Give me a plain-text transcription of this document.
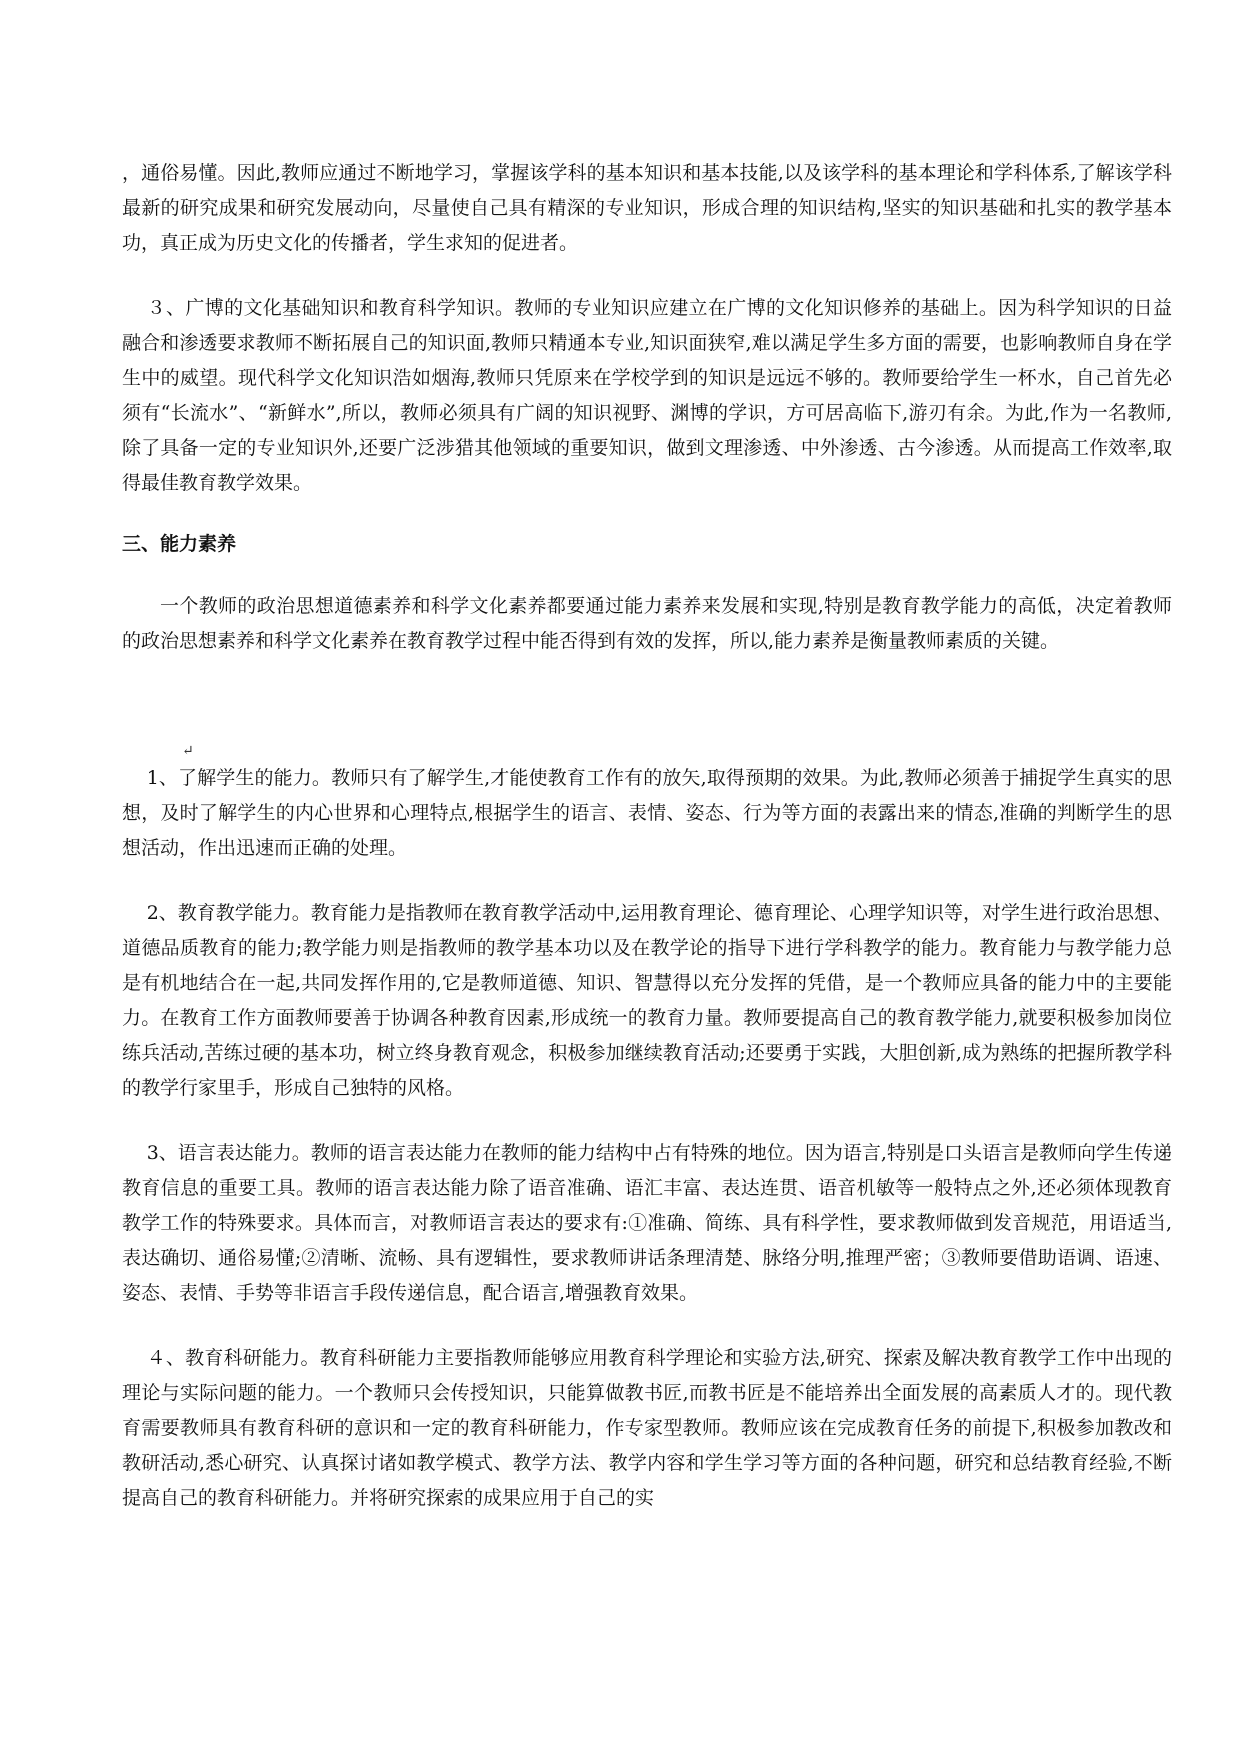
，通俗易懂。因此,教师应通过不断地学习，掌握该学科的基本知识和基本技能,以及该学科的基本理论和学科体系,了解该学科最新的研究成果和研究发展动向，尽量使自己具有精深的专业知识，形成合理的知识结构,坚实的知识基础和扎实的教学基本功，真正成为历史文化的传播者，学生求知的促进者。

３、广博的文化基础知识和教育科学知识。教师的专业知识应建立在广博的文化知识修养的基础上。因为科学知识的日益融合和渗透要求教师不断拓展自己的知识面,教师只精通本专业,知识面狭窄,难以满足学生多方面的需要，也影响教师自身在学生中的威望。现代科学文化知识浩如烟海,教师只凭原来在学校学到的知识是远远不够的。教师要给学生一杯水，自己首先必须有“长流水”、“新鲜水”,所以，教师必须具有广阔的知识视野、渊博的学识，方可居高临下,游刃有余。为此,作为一名教师,除了具备一定的专业知识外,还要广泛涉猎其他领域的重要知识，做到文理渗透、中外渗透、古今渗透。从而提高工作效率,取得最佳教育教学效果。

三、能力素养

一个教师的政治思想道德素养和科学文化素养都要通过能力素养来发展和实现,特别是教育教学能力的高低，决定着教师的政治思想素养和科学文化素养在教育教学过程中能否得到有效的发挥，所以,能力素养是衡量教师素质的关键。

↵

1、了解学生的能力。教师只有了解学生,才能使教育工作有的放矢,取得预期的效果。为此,教师必须善于捕捉学生真实的思想，及时了解学生的内心世界和心理特点,根据学生的语言、表情、姿态、行为等方面的表露出来的情态,准确的判断学生的思想活动，作出迅速而正确的处理。

2、教育教学能力。教育能力是指教师在教育教学活动中,运用教育理论、德育理论、心理学知识等，对学生进行政治思想、道德品质教育的能力;教学能力则是指教师的教学基本功以及在教学论的指导下进行学科教学的能力。教育能力与教学能力总是有机地结合在一起,共同发挥作用的,它是教师道德、知识、智慧得以充分发挥的凭借，是一个教师应具备的能力中的主要能力。在教育工作方面教师要善于协调各种教育因素,形成统一的教育力量。教师要提高自己的教育教学能力,就要积极参加岗位练兵活动,苦练过硬的基本功，树立终身教育观念，积极参加继续教育活动;还要勇于实践，大胆创新,成为熟练的把握所教学科的教学行家里手，形成自己独特的风格。

3、语言表达能力。教师的语言表达能力在教师的能力结构中占有特殊的地位。因为语言,特别是口头语言是教师向学生传递教育信息的重要工具。教师的语言表达能力除了语音准确、语汇丰富、表达连贯、语音机敏等一般特点之外,还必须体现教育教学工作的特殊要求。具体而言，对教师语言表达的要求有:①准确、简练、具有科学性，要求教师做到发音规范，用语适当,表达确切、通俗易懂;②清晰、流畅、具有逻辑性，要求教师讲话条理清楚、脉络分明,推理严密；③教师要借助语调、语速、姿态、表情、手势等非语言手段传递信息，配合语言,增强教育效果。

４、教育科研能力。教育科研能力主要指教师能够应用教育科学理论和实验方法,研究、探索及解决教育教学工作中出现的理论与实际问题的能力。一个教师只会传授知识，只能算做教书匠,而教书匠是不能培养出全面发展的高素质人才的。现代教育需要教师具有教育科研的意识和一定的教育科研能力，作专家型教师。教师应该在完成教育任务的前提下,积极参加教改和教研活动,悉心研究、认真探讨诸如教学模式、教学方法、教学内容和学生学习等方面的各种问题，研究和总结教育经验,不断提高自己的教育科研能力。并将研究探索的成果应用于自己的实
